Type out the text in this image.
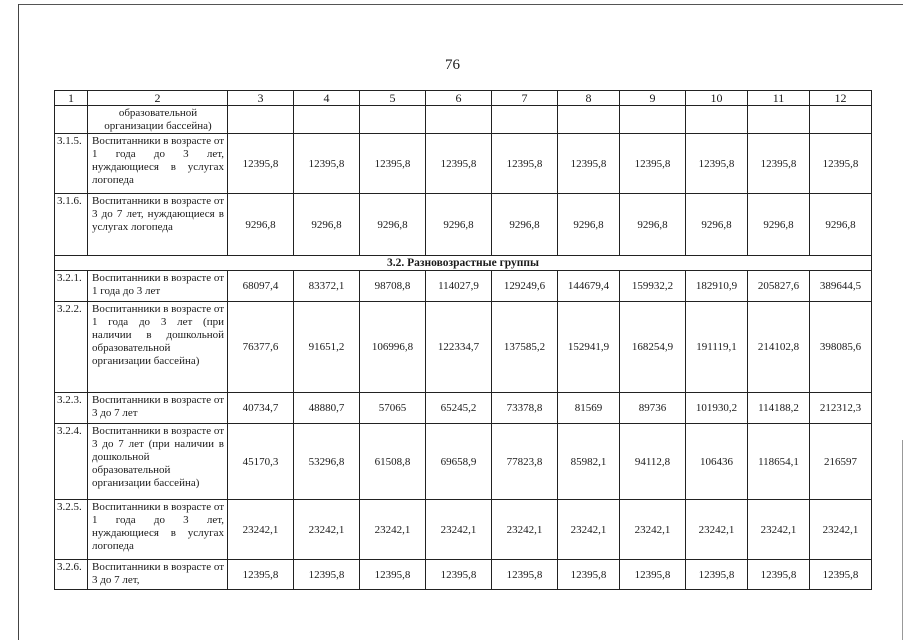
76
1	2	3	4	5	6	7	8	9	10	11	12
	образовательной организации бассейна)										
3.1.5.	Воспитанники в возрасте от 1 года до 3 лет, нуждающиеся в услугах логопеда	12395,8	12395,8	12395,8	12395,8	12395,8	12395,8	12395,8	12395,8	12395,8	12395,8
3.1.6.	Воспитанники в возрасте от 3 до 7 лет, нуждающиеся в услугах логопеда	9296,8	9296,8	9296,8	9296,8	9296,8	9296,8	9296,8	9296,8	9296,8	9296,8
3.2. Разновозрастные группы											
3.2.1.	Воспитанники в возрасте от 1 года до 3 лет	68097,4	83372,1	98708,8	114027,9	129249,6	144679,4	159932,2	182910,9	205827,6	389644,5
3.2.2.	Воспитанники в возрасте от 1 года до 3 лет (при наличии в дошкольной образовательной организации бассейна)	76377,6	91651,2	106996,8	122334,7	137585,2	152941,9	168254,9	191119,1	214102,8	398085,6
3.2.3.	Воспитанники в возрасте от 3 до 7 лет	40734,7	48880,7	57065	65245,2	73378,8	81569	89736	101930,2	114188,2	212312,3
3.2.4.	Воспитанники в возрасте от 3 до 7 лет (при наличии в дошкольной образовательной организации бассейна)	45170,3	53296,8	61508,8	69658,9	77823,8	85982,1	94112,8	106436	118654,1	216597
3.2.5.	Воспитанники в возрасте от 1 года до 3 лет, нуждающиеся в услугах логопеда	23242,1	23242,1	23242,1	23242,1	23242,1	23242,1	23242,1	23242,1	23242,1	23242,1
3.2.6.	Воспитанники в возрасте от 3 до 7 лет,	12395,8	12395,8	12395,8	12395,8	12395,8	12395,8	12395,8	12395,8	12395,8	12395,8
